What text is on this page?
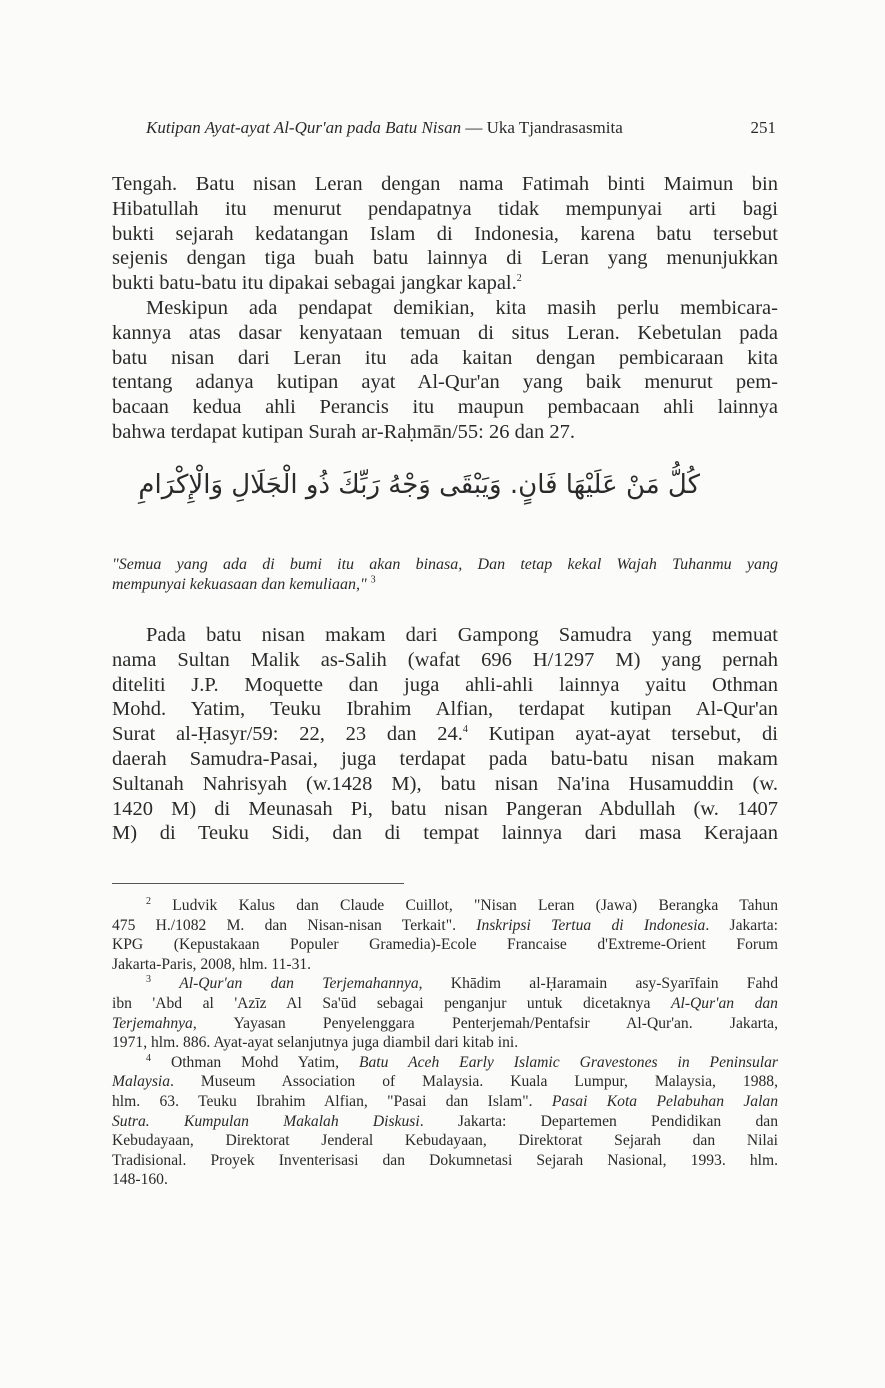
Kutipan Ayat-ayat Al-Qur'an pada Batu Nisan — Uka Tjandrasasmita	251
Tengah. Batu nisan Leran dengan nama Fatimah binti Maimun bin
Hibatullah itu menurut pendapatnya tidak mempunyai arti bagi
bukti sejarah kedatangan Islam di Indonesia, karena batu tersebut
sejenis dengan tiga buah batu lainnya di Leran yang menunjukkan
bukti batu-batu itu dipakai sebagai jangkar kapal.$^2$
Meskipun ada pendapat demikian, kita masih perlu membicara-
kannya atas dasar kenyataan temuan di situs Leran. Kebetulan pada
batu nisan dari Leran itu ada kaitan dengan pembicaraan kita
tentang adanya kutipan ayat Al-Qur'an yang baik menurut pem-
bacaan kedua ahli Perancis itu maupun pembacaan ahli lainnya
bahwa terdapat kutipan Surah ar-Raḥmān/55: 26 dan 27.
كُلُّ مَنْ عَلَيْهَا فَانٍ. وَيَبْقَى وَجْهُ رَبِّكَ ذُو الْجَلَالِ وَالْإِكْرَامِ
"Semua yang ada di bumi itu akan binasa, Dan tetap kekal Wajah Tuhanmu yang
mempunyai kekuasaan dan kemuliaan," $^3$
Pada batu nisan makam dari Gampong Samudra yang memuat
nama Sultan Malik as-Salih (wafat 696 H/1297 M) yang pernah
diteliti J.P. Moquette dan juga ahli-ahli lainnya yaitu Othman
Mohd. Yatim, Teuku Ibrahim Alfian, terdapat kutipan Al-Qur'an
Surat al-Ḥasyr/59: 22, 23 dan 24.$^4$ Kutipan ayat-ayat tersebut, di
daerah Samudra-Pasai, juga terdapat pada batu-batu nisan makam
Sultanah Nahrisyah (w.1428 M), batu nisan Na'ina Husamuddin (w.
1420 M) di Meunasah Pi, batu nisan Pangeran Abdullah (w. 1407
M) di Teuku Sidi, dan di tempat lainnya dari masa Kerajaan
$^2$ Ludvik Kalus dan Claude Cuillot, "Nisan Leran (Jawa) Berangka Tahun
475 H./1082 M. dan Nisan-nisan Terkait". Inskripsi Tertua di Indonesia. Jakarta:
KPG (Kepustakaan Populer Gramedia)-Ecole Francaise d'Extreme-Orient Forum
Jakarta-Paris, 2008, hlm. 11-31.
$^3$ Al-Qur'an dan Terjemahannya, Khādim al-Ḥaramain asy-Syarīfain Fahd
ibn 'Abd al 'Azīz Al Sa'ūd sebagai penganjur untuk dicetaknya Al-Qur'an dan
Terjemahnya, Yayasan Penyelenggara Penterjemah/Pentafsir Al-Qur'an. Jakarta,
1971, hlm. 886. Ayat-ayat selanjutnya juga diambil dari kitab ini.
$^4$ Othman Mohd Yatim, Batu Aceh Early Islamic Gravestones in Peninsular
Malaysia. Museum Association of Malaysia. Kuala Lumpur, Malaysia, 1988,
hlm. 63. Teuku Ibrahim Alfian, "Pasai dan Islam". Pasai Kota Pelabuhan Jalan
Sutra. Kumpulan Makalah Diskusi. Jakarta: Departemen Pendidikan dan
Kebudayaan, Direktorat Jenderal Kebudayaan, Direktorat Sejarah dan Nilai
Tradisional. Proyek Inventerisasi dan Dokumnetasi Sejarah Nasional, 1993. hlm.
148-160.
